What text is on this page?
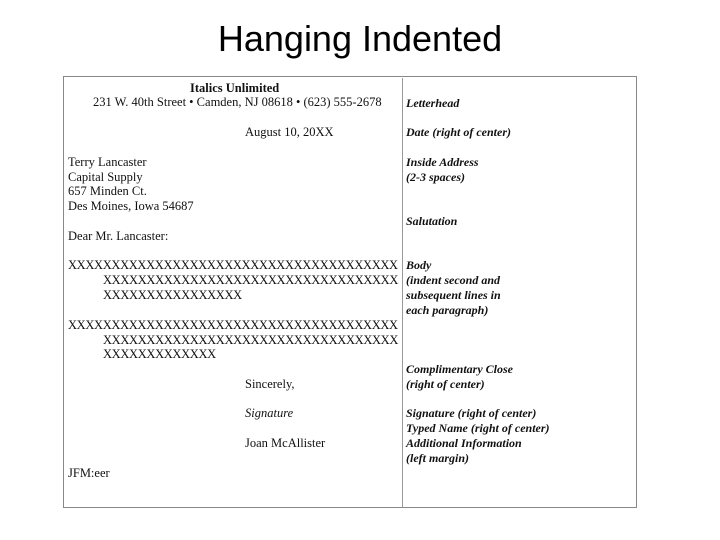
Hanging Indented
Italics Unlimited
231 W. 40th Street • Camden, NJ 08618 • (623) 555-2678
August 10, 20XX
Terry Lancaster
Capital Supply
657 Minden Ct.
Des Moines, Iowa 54687
Dear Mr. Lancaster:
XXXXXXXXXXXXXXXXXXXXXXXXXXXXXXXXXXXXXX
XXXXXXXXXXXXXXXXXXXXXXXXXXXXXXXXXX
XXXXXXXXXXXXXXXX
XXXXXXXXXXXXXXXXXXXXXXXXXXXXXXXXXXXXXX
XXXXXXXXXXXXXXXXXXXXXXXXXXXXXXXXXX
XXXXXXXXXXXXX
Sincerely,
Signature
Joan McAllister
JFM:eer
Letterhead
Date (right of center)
Inside Address
(2-3 spaces)
Salutation
Body
(indent second and
subsequent lines in
each paragraph)
Complimentary Close
(right of center)
Signature (right of center)
Typed Name (right of center)
Additional Information
(left margin)
